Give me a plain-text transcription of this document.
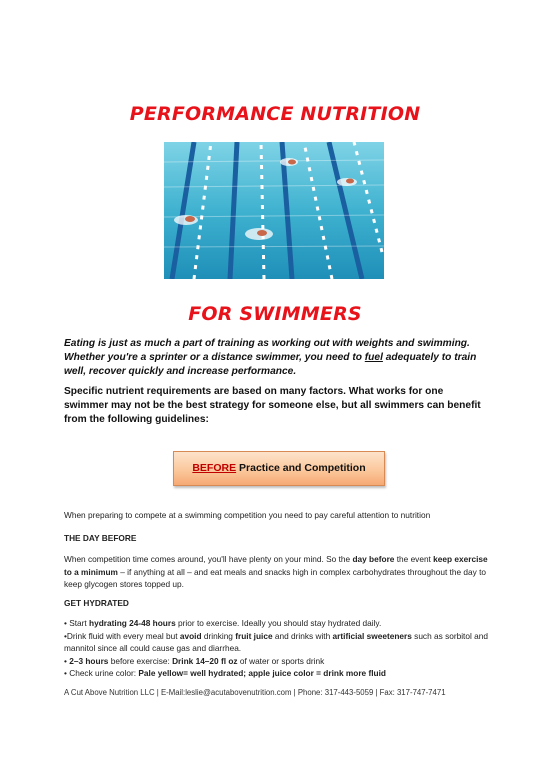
PERFORMANCE NUTRITION
FOR SWIMMERS
Eating is just as much a part of training as working out with weights and swimming. Whether you're a sprinter or a distance swimmer, you need to fuel adequately to train well, recover quickly and increase performance.
Specific nutrient requirements are based on many factors. What works for one swimmer may not be the best strategy for someone else, but all swimmers can benefit from the following guidelines:
BEFORE Practice and Competition
When preparing to compete at a swimming competition you need to pay careful attention to nutrition
THE DAY BEFORE
When competition time comes around, you'll have plenty on your mind. So the day before the event keep exercise to a minimum – if anything at all – and eat meals and snacks high in complex carbohydrates throughout the day to keep glycogen stores topped up.
GET HYDRATED
• Start hydrating 24-48 hours prior to exercise. Ideally you should stay hydrated daily.
•Drink fluid with every meal but avoid drinking fruit juice and drinks with artificial sweeteners such as sorbitol and mannitol since all could cause gas and diarrhea.
• 2–3 hours before exercise: Drink 14–20 fl oz of water or sports drink
• Check urine color: Pale yellow= well hydrated; apple juice color = drink more fluid
A Cut Above Nutrition LLC | E-Mail:leslie@acutabovenutrition.com | Phone: 317-443-5059 | Fax: 317-747-7471
